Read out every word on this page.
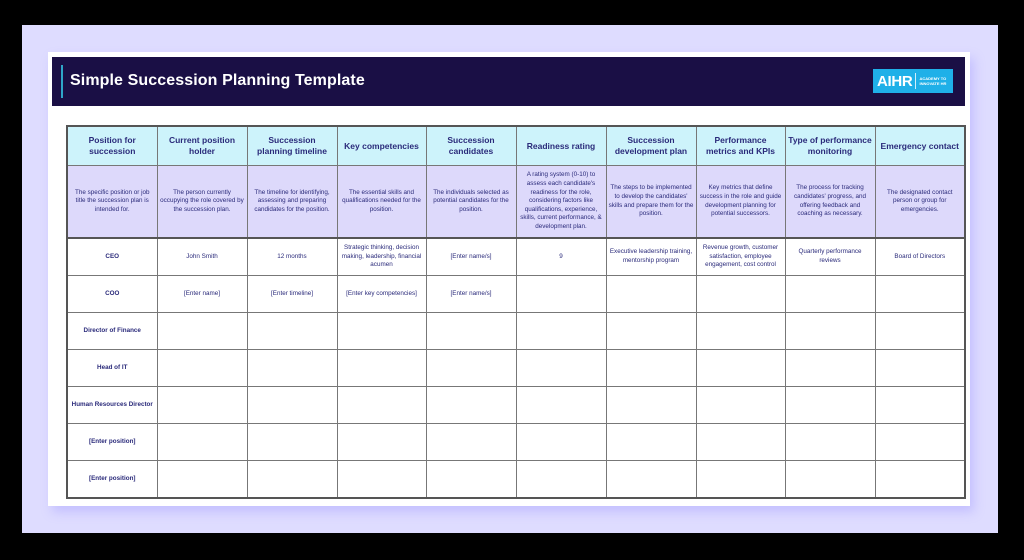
Simple Succession Planning Template	AIHR ACADEMY TO
INNOVATE HR
Position for succession	Current position holder	Succession planning timeline	Key competencies	Succession candidates	Readiness rating	Succession development plan	Performance metrics and KPIs	Type of performance monitoring	Emergency contact
The specific position or job title the succession plan is intended for.	The person currently occupying the role covered by the succession plan.	The timeline for identifying, assessing and preparing candidates for the position.	The essential skills and qualifications needed for the position.	The individuals selected as potential candidates for the position.	A rating system (0-10) to assess each candidate's readiness for the role, considering factors like qualifications, experience, skills, current performance, & development plan.	The steps to be implemented to develop the candidates' skills and prepare them for the position.	Key metrics that define success in the role and guide development planning for potential successors.	The process for tracking candidates' progress, and offering feedback and coaching as necessary.	The designated contact person or group for emergencies.
CEO	John Smith	12 months	Strategic thinking, decision making, leadership, financial acumen	[Enter name/s]	9	Executive leadership training, mentorship program	Revenue growth, customer satisfaction, employee engagement, cost control	Quarterly performance reviews	Board of Directors
COO	[Enter name]	[Enter timeline]	[Enter key competencies]	[Enter name/s]					
Director of Finance									
Head of IT									
Human Resources Director									
[Enter position]									
[Enter position]									
